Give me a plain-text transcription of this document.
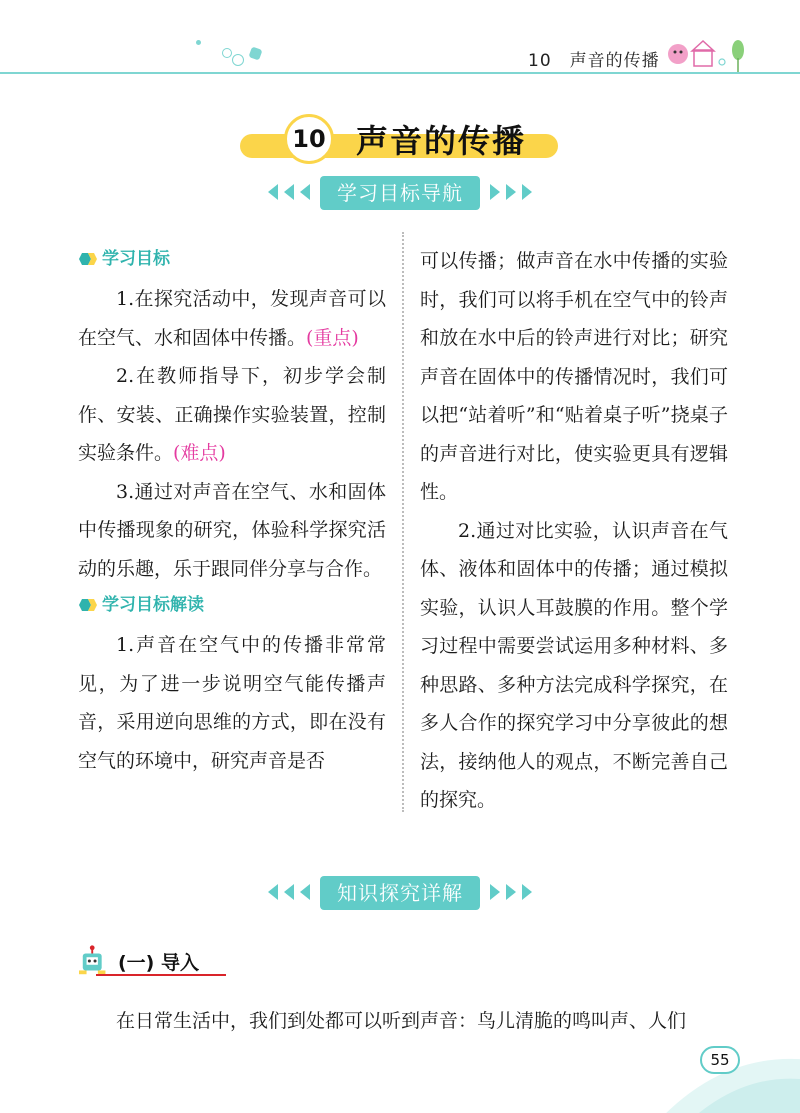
10 声音的传播
10 声音的传播
学习目标导航
学习目标

1.在探究活动中，发现声音可以在空气、水和固体中传播。(重点)

2.在教师指导下，初步学会制作、安装、正确操作实验装置，控制实验条件。(难点)

3.通过对声音在空气、水和固体中传播现象的研究，体验科学探究活动的乐趣，乐于跟同伴分享与合作。

学习目标解读

1.声音在空气中的传播非常常见，为了进一步说明空气能传播声音，采用逆向思维的方式，即在没有空气的环境中，研究声音是否

可以传播；做声音在水中传播的实验时，我们可以将手机在空气中的铃声和放在水中后的铃声进行对比；研究声音在固体中的传播情况时，我们可以把“站着听”和“贴着桌子听”挠桌子的声音进行对比，使实验更具有逻辑性。

2.通过对比实验，认识声音在气体、液体和固体中的传播；通过模拟实验，认识人耳鼓膜的作用。整个学习过程中需要尝试运用多种材料、多种思路、多种方法完成科学探究，在多人合作的探究学习中分享彼此的想法，接纳他人的观点，不断完善自己的探究。

知识探究详解
(一) 导入
在日常生活中，我们到处都可以听到声音：鸟儿清脆的鸣叫声、人们
55
